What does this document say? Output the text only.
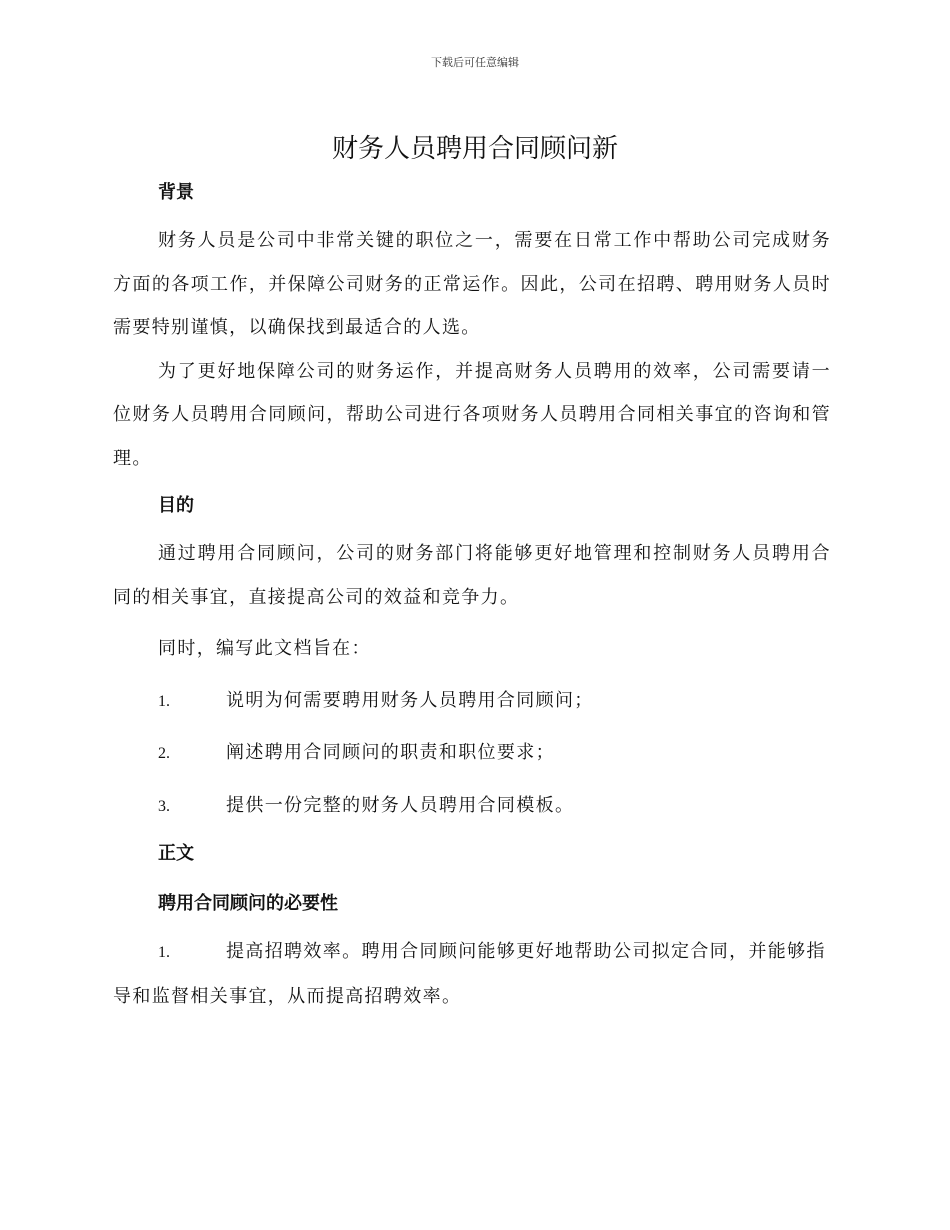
下载后可任意编辑
财务人员聘用合同顾问新
背景

财务人员是公司中非常关键的职位之一，需要在日常工作中帮助公司完成财务方面的各项工作，并保障公司财务的正常运作。因此，公司在招聘、聘用财务人员时需要特别谨慎，以确保找到最适合的人选。

为了更好地保障公司的财务运作，并提高财务人员聘用的效率，公司需要请一位财务人员聘用合同顾问，帮助公司进行各项财务人员聘用合同相关事宜的咨询和管理。

目的

通过聘用合同顾问，公司的财务部门将能够更好地管理和控制财务人员聘用合同的相关事宜，直接提高公司的效益和竞争力。

同时，编写此文档旨在：

1.	说明为何需要聘用财务人员聘用合同顾问；
2.	阐述聘用合同顾问的职责和职位要求；
3.	提供一份完整的财务人员聘用合同模板。
正文
聘用合同顾问的必要性

1.	提高招聘效率。聘用合同顾问能够更好地帮助公司拟定合同，并能够指导和监督相关事宜，从而提高招聘效率。
